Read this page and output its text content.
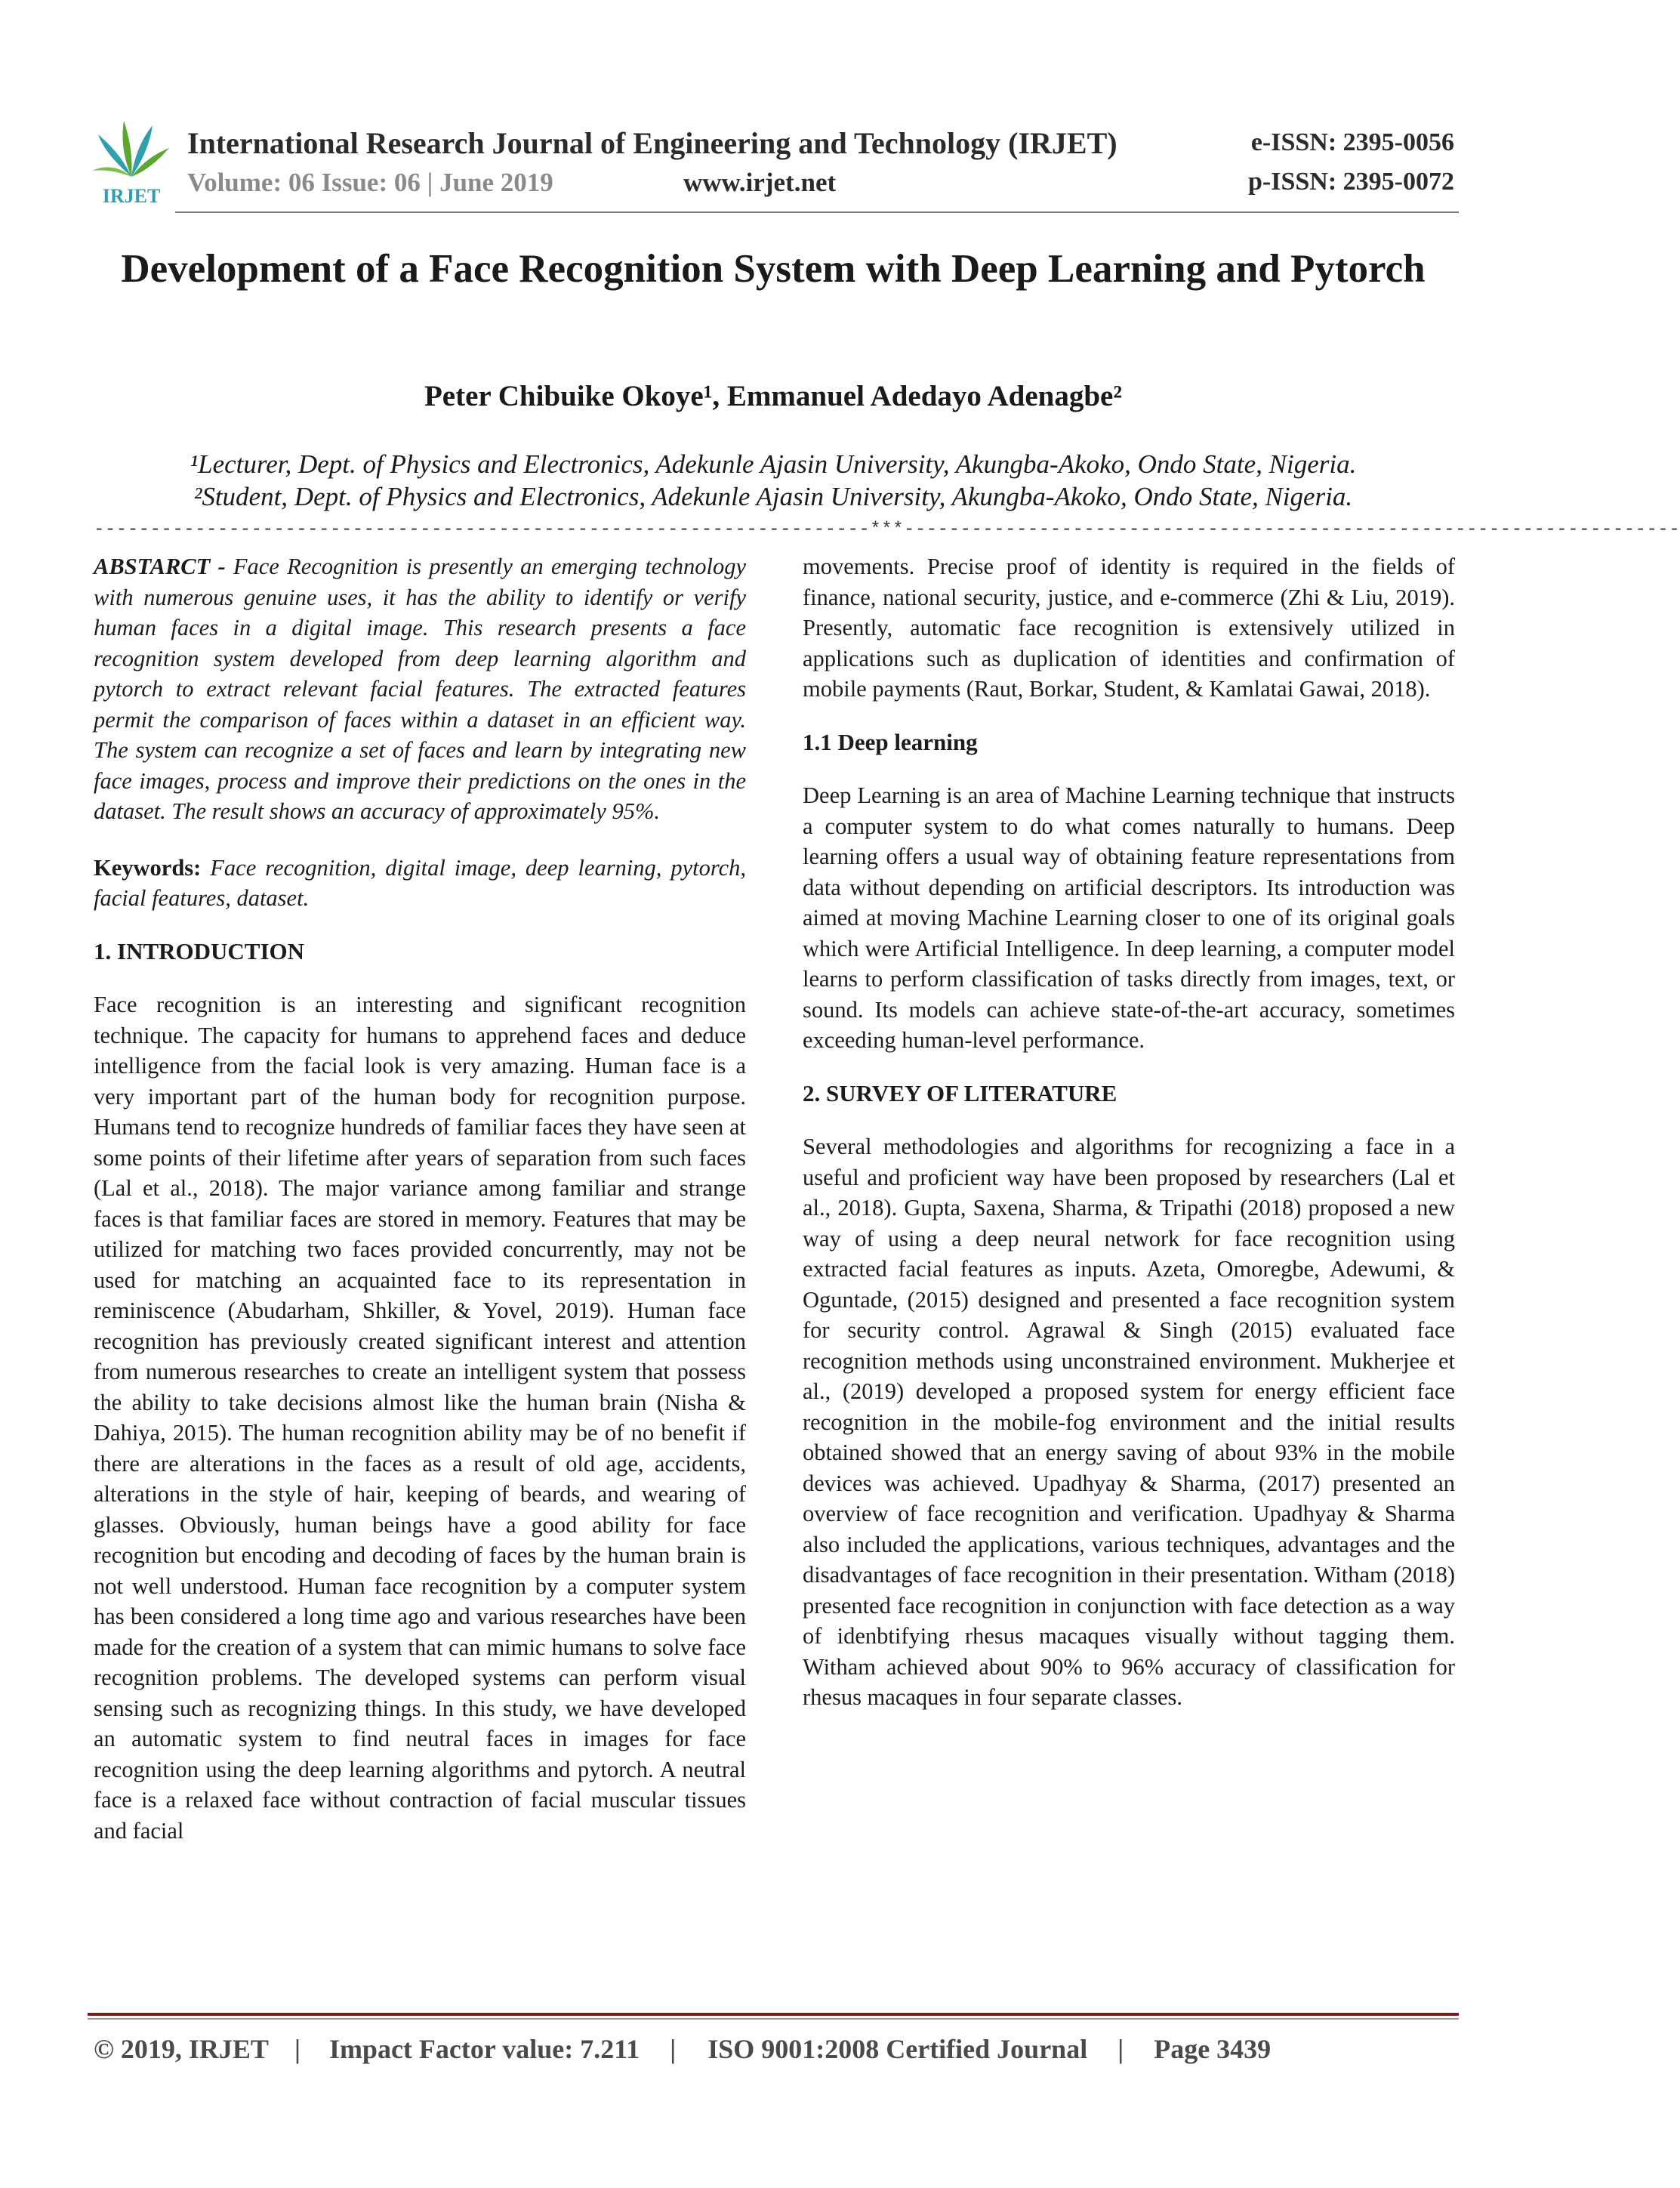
IRJET
International Research Journal of Engineering and Technology (IRJET)	e-ISSN: 2395-0056
Volume: 06 Issue: 06 | June 2019	www.irjet.net	p-ISSN: 2395-0072
Development of a Face Recognition System with Deep Learning and Pytorch
Peter Chibuike Okoye¹, Emmanuel Adedayo Adenagbe²
¹Lecturer, Dept. of Physics and Electronics, Adekunle Ajasin University, Akungba-Akoko, Ondo State, Nigeria.
²Student, Dept. of Physics and Electronics, Adekunle Ajasin University, Akungba-Akoko, Ondo State, Nigeria.
---------------------------------------------------------------------***---------------------------------------------------------------------

ABSTARCT - Face Recognition is presently an emerging technology with numerous genuine uses, it has the ability to identify or verify human faces in a digital image. This research presents a face recognition system developed from deep learning algorithm and pytorch to extract relevant facial features. The extracted features permit the comparison of faces within a dataset in an efficient way. The system can recognize a set of faces and learn by integrating new face images, process and improve their predictions on the ones in the dataset. The result shows an accuracy of approximately 95%.

Keywords: Face recognition, digital image, deep learning, pytorch, facial features, dataset.

1. INTRODUCTION

Face recognition is an interesting and significant recognition technique. The capacity for humans to apprehend faces and deduce intelligence from the facial look is very amazing. Human face is a very important part of the human body for recognition purpose. Humans tend to recognize hundreds of familiar faces they have seen at some points of their lifetime after years of separation from such faces (Lal et al., 2018). The major variance among familiar and strange faces is that familiar faces are stored in memory. Features that may be utilized for matching two faces provided concurrently, may not be used for matching an acquainted face to its representation in reminiscence (Abudarham, Shkiller, & Yovel, 2019). Human face recognition has previously created significant interest and attention from numerous researches to create an intelligent system that possess the ability to take decisions almost like the human brain (Nisha & Dahiya, 2015). The human recognition ability may be of no benefit if there are alterations in the faces as a result of old age, accidents, alterations in the style of hair, keeping of beards, and wearing of glasses. Obviously, human beings have a good ability for face recognition but encoding and decoding of faces by the human brain is not well understood. Human face recognition by a computer system has been considered a long time ago and various researches have been made for the creation of a system that can mimic humans to solve face recognition problems. The developed systems can perform visual sensing such as recognizing things. In this study, we have developed an automatic system to find neutral faces in images for face recognition using the deep learning algorithms and pytorch. A neutral face is a relaxed face without contraction of facial muscular tissues and facial

movements. Precise proof of identity is required in the fields of finance, national security, justice, and e-commerce (Zhi & Liu, 2019). Presently, automatic face recognition is extensively utilized in applications such as duplication of identities and confirmation of mobile payments (Raut, Borkar, Student, & Kamlatai Gawai, 2018).

1.1 Deep learning

Deep Learning is an area of Machine Learning technique that instructs a computer system to do what comes naturally to humans. Deep learning offers a usual way of obtaining feature representations from data without depending on artificial descriptors. Its introduction was aimed at moving Machine Learning closer to one of its original goals which were Artificial Intelligence. In deep learning, a computer model learns to perform classification of tasks directly from images, text, or sound. Its models can achieve state-of-the-art accuracy, sometimes exceeding human-level performance.

2. SURVEY OF LITERATURE

Several methodologies and algorithms for recognizing a face in a useful and proficient way have been proposed by researchers (Lal et al., 2018). Gupta, Saxena, Sharma, & Tripathi (2018) proposed a new way of using a deep neural network for face recognition using extracted facial features as inputs. Azeta, Omoregbe, Adewumi, & Oguntade, (2015) designed and presented a face recognition system for security control. Agrawal & Singh (2015) evaluated face recognition methods using unconstrained environment. Mukherjee et al., (2019) developed a proposed system for energy efficient face recognition in the mobile-fog environment and the initial results obtained showed that an energy saving of about 93% in the mobile devices was achieved. Upadhyay & Sharma, (2017) presented an overview of face recognition and verification. Upadhyay & Sharma also included the applications, various techniques, advantages and the disadvantages of face recognition in their presentation. Witham (2018) presented face recognition in conjunction with face detection as a way of idenbtifying rhesus macaques visually without tagging them. Witham achieved about 90% to 96% accuracy of classification for rhesus macaques in four separate classes.

© 2019, IRJET | Impact Factor value: 7.211 | ISO 9001:2008 Certified Journal | Page 3439
